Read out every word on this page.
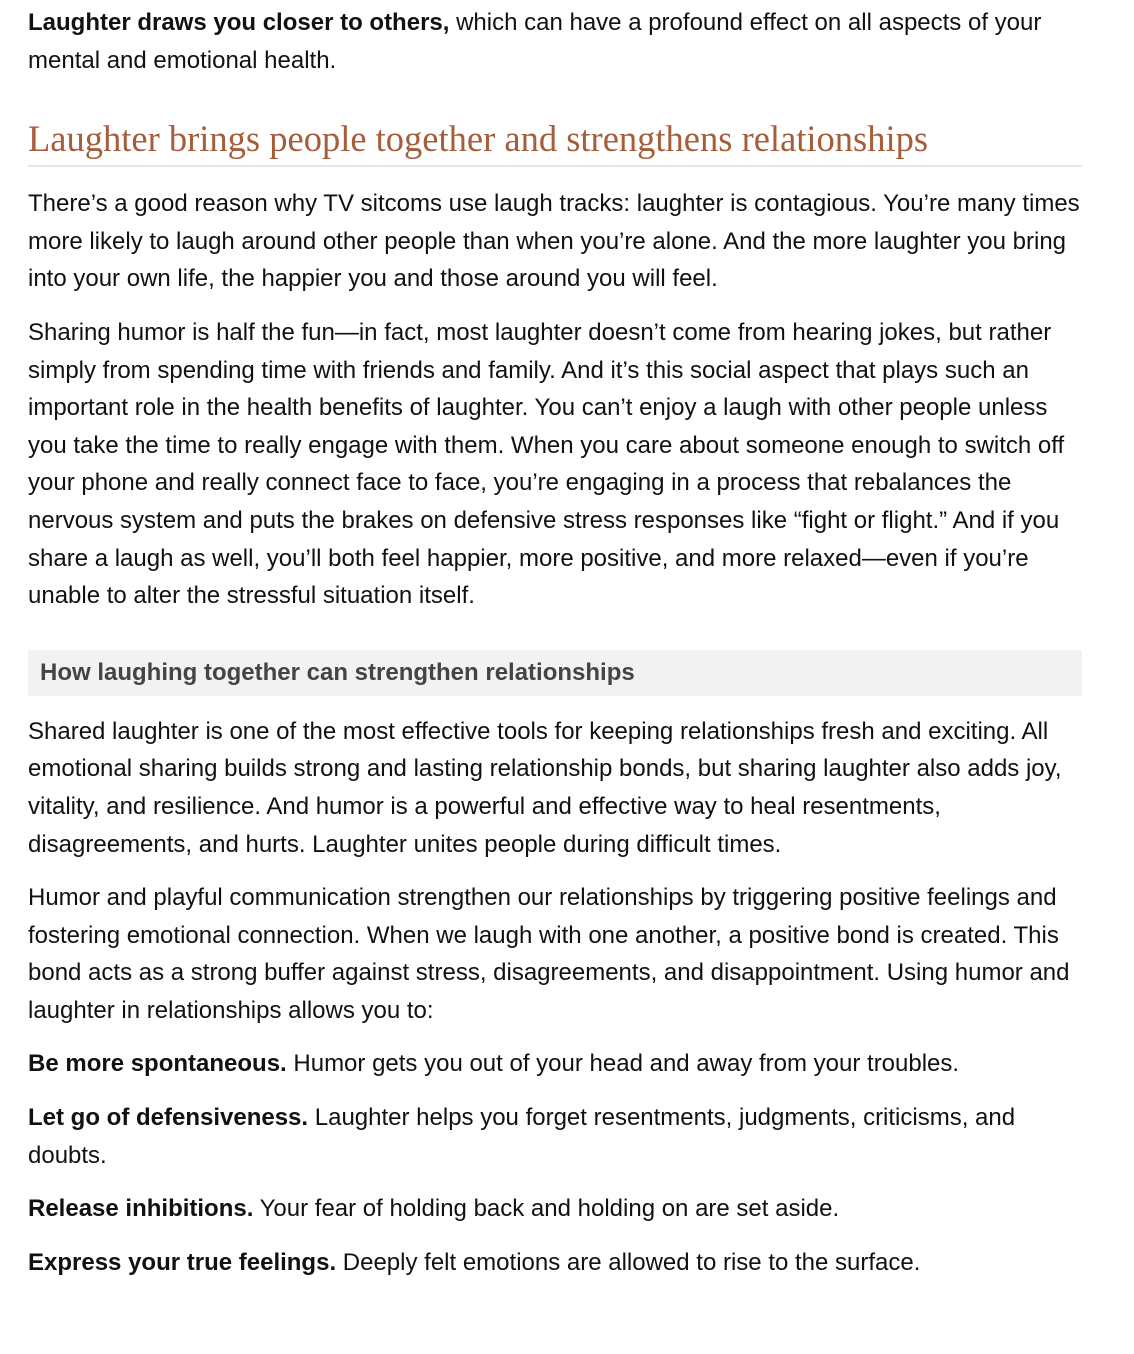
Laughter draws you closer to others, which can have a profound effect on all aspects of your mental and emotional health.

Laughter brings people together and strengthens relationships

There’s a good reason why TV sitcoms use laugh tracks: laughter is contagious. You’re many times more likely to laugh around other people than when you’re alone. And the more laughter you bring into your own life, the happier you and those around you will feel.

Sharing humor is half the fun—in fact, most laughter doesn’t come from hearing jokes, but rather simply from spending time with friends and family. And it’s this social aspect that plays such an important role in the health benefits of laughter. You can’t enjoy a laugh with other people unless you take the time to really engage with them. When you care about someone enough to switch off your phone and really connect face to face, you’re engaging in a process that rebalances the nervous system and puts the brakes on defensive stress responses like “fight or flight.” And if you share a laugh as well, you’ll both feel happier, more positive, and more relaxed—even if you’re unable to alter the stressful situation itself.

How laughing together can strengthen relationships

Shared laughter is one of the most effective tools for keeping relationships fresh and exciting. All emotional sharing builds strong and lasting relationship bonds, but sharing laughter also adds joy, vitality, and resilience. And humor is a powerful and effective way to heal resentments, disagreements, and hurts. Laughter unites people during difficult times.

Humor and playful communication strengthen our relationships by triggering positive feelings and fostering emotional connection. When we laugh with one another, a positive bond is created. This bond acts as a strong buffer against stress, disagreements, and disappointment. Using humor and laughter in relationships allows you to:

Be more spontaneous. Humor gets you out of your head and away from your troubles.

Let go of defensiveness. Laughter helps you forget resentments, judgments, criticisms, and doubts.

Release inhibitions. Your fear of holding back and holding on are set aside.

Express your true feelings. Deeply felt emotions are allowed to rise to the surface.
